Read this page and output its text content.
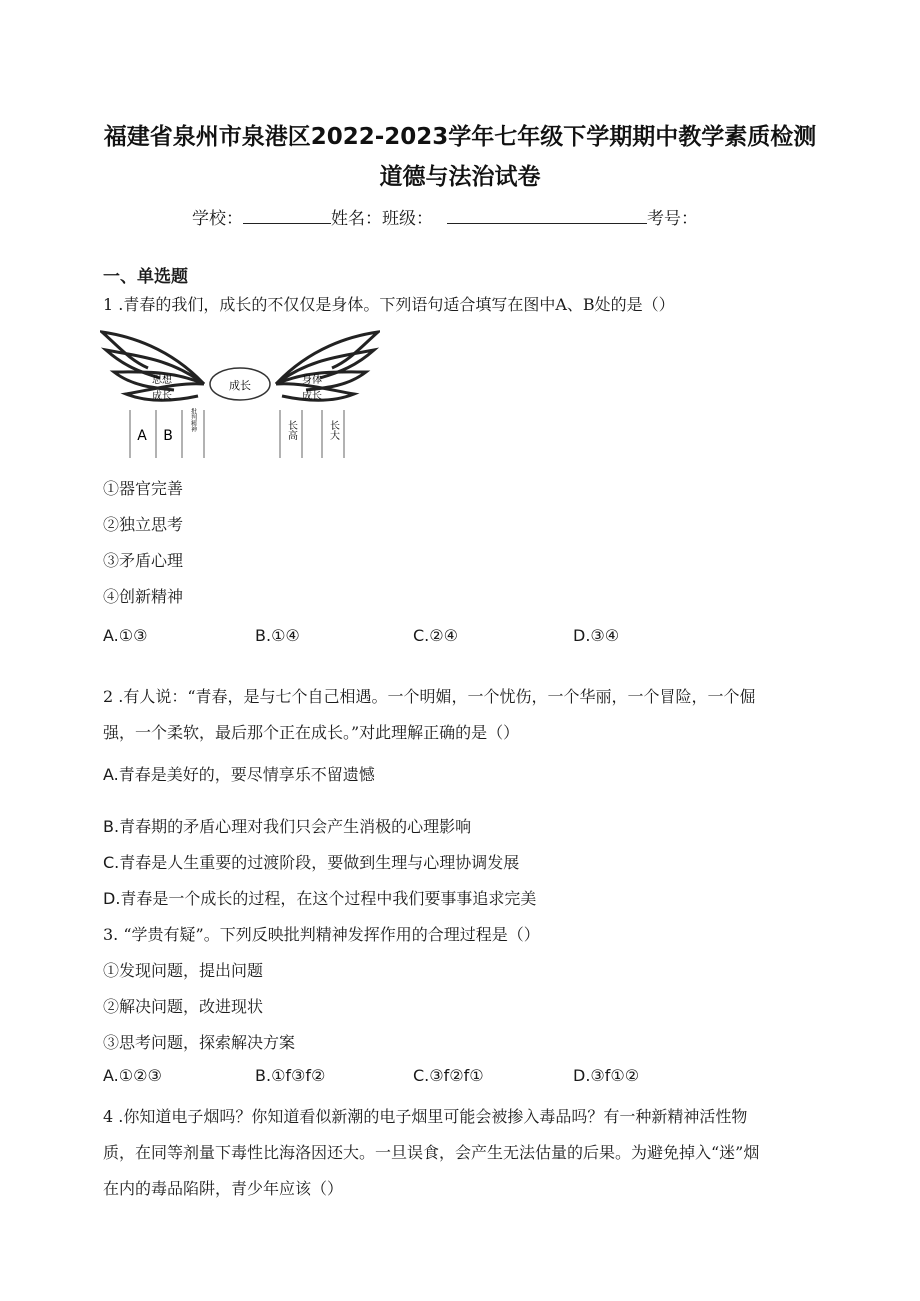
福建省泉州市泉港区2022-2023学年七年级下学期期中教学素质检测
道德与法治试卷
学校：	姓名：班级：	考号：
一、单选题
1 .青春的我们，成长的不仅仅是身体。下列语句适合填写在图中A、B处的是（）
成长
思想
成长
身体
成长
A B
批判精神	长高	长大
①器官完善
②独立思考
③矛盾心理
④创新精神
A.①③	B.①④	C.②④	D.③④
2 .有人说：“青春，是与七个自己相遇。一个明媚，一个忧伤，一个华丽，一个冒险，一个倔
强，一个柔软，最后那个正在成长。”对此理解正确的是（）
A.青春是美好的，要尽情享乐不留遗憾
B.青春期的矛盾心理对我们只会产生消极的心理影响
C.青春是人生重要的过渡阶段，要做到生理与心理协调发展
D.青春是一个成长的过程，在这个过程中我们要事事追求完美
3. “学贵有疑”。下列反映批判精神发挥作用的合理过程是（）
①发现问题，提出问题
②解决问题，改进现状
③思考问题，探索解决方案
A.①②③	B.①f③f②	C.③f②f①	D.③f①②
4 .你知道电子烟吗？你知道看似新潮的电子烟里可能会被掺入毒品吗？有一种新精神活性物
质，在同等剂量下毒性比海洛因还大。一旦误食，会产生无法估量的后果。为避免掉入“迷”烟
在内的毒品陷阱，青少年应该（）
